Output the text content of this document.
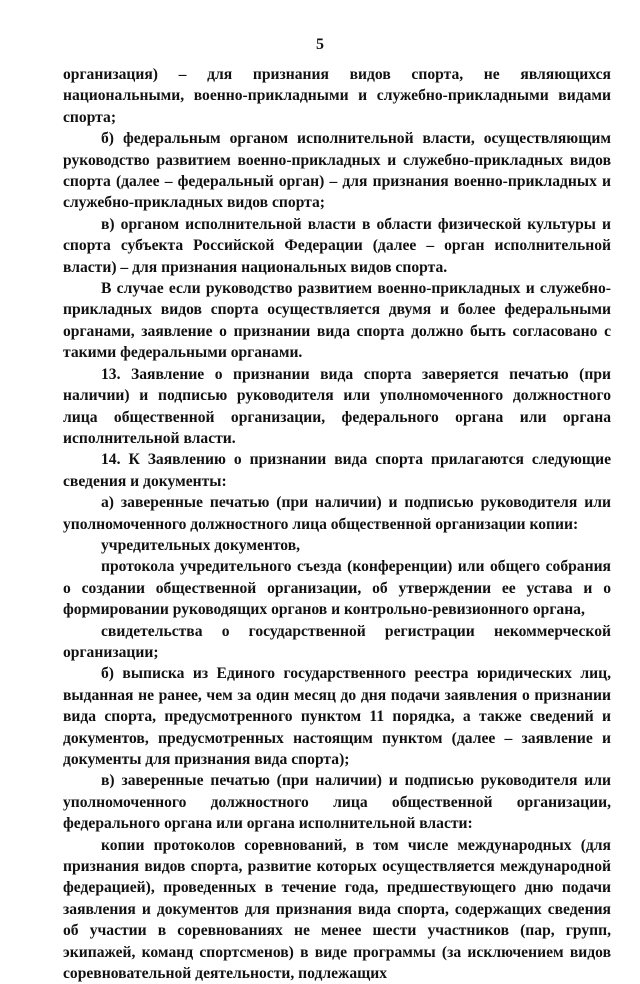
5

организация) – для признания видов спорта, не являющихся национальными, военно-прикладными и служебно-прикладными видами спорта;

б) федеральным органом исполнительной власти, осуществляющим руководство развитием военно-прикладных и служебно-прикладных видов спорта (далее – федеральный орган) – для признания военно-прикладных и служебно-прикладных видов спорта;

в) органом исполнительной власти в области физической культуры и спорта субъекта Российской Федерации (далее – орган исполнительной власти) – для признания национальных видов спорта.

В случае если руководство развитием военно-прикладных и служебно-прикладных видов спорта осуществляется двумя и более федеральными органами, заявление о признании вида спорта должно быть согласовано с такими федеральными органами.

13. Заявление о признании вида спорта заверяется печатью (при наличии) и подписью руководителя или уполномоченного должностного лица общественной организации, федерального органа или органа исполнительной власти.

14. К Заявлению о признании вида спорта прилагаются следующие сведения и документы:

а) заверенные печатью (при наличии) и подписью руководителя или уполномоченного должностного лица общественной организации копии:

учредительных документов,

протокола учредительного съезда (конференции) или общего собрания о создании общественной организации, об утверждении ее устава и о формировании руководящих органов и контрольно-ревизионного органа,

свидетельства о государственной регистрации некоммерческой организации;

б) выписка из Единого государственного реестра юридических лиц, выданная не ранее, чем за один месяц до дня подачи заявления о признании вида спорта, предусмотренного пунктом 11 порядка, а также сведений и документов, предусмотренных настоящим пунктом (далее – заявление и документы для признания вида спорта);

в) заверенные печатью (при наличии) и подписью руководителя или уполномоченного должностного лица общественной организации, федерального органа или органа исполнительной власти:

копии протоколов соревнований, в том числе международных (для признания видов спорта, развитие которых осуществляется международной федерацией), проведенных в течение года, предшествующего дню подачи заявления и документов для признания вида спорта, содержащих сведения об участии в соревнованиях не менее шести участников (пар, групп, экипажей, команд спортсменов) в виде программы (за исключением видов соревновательной деятельности, подлежащих
